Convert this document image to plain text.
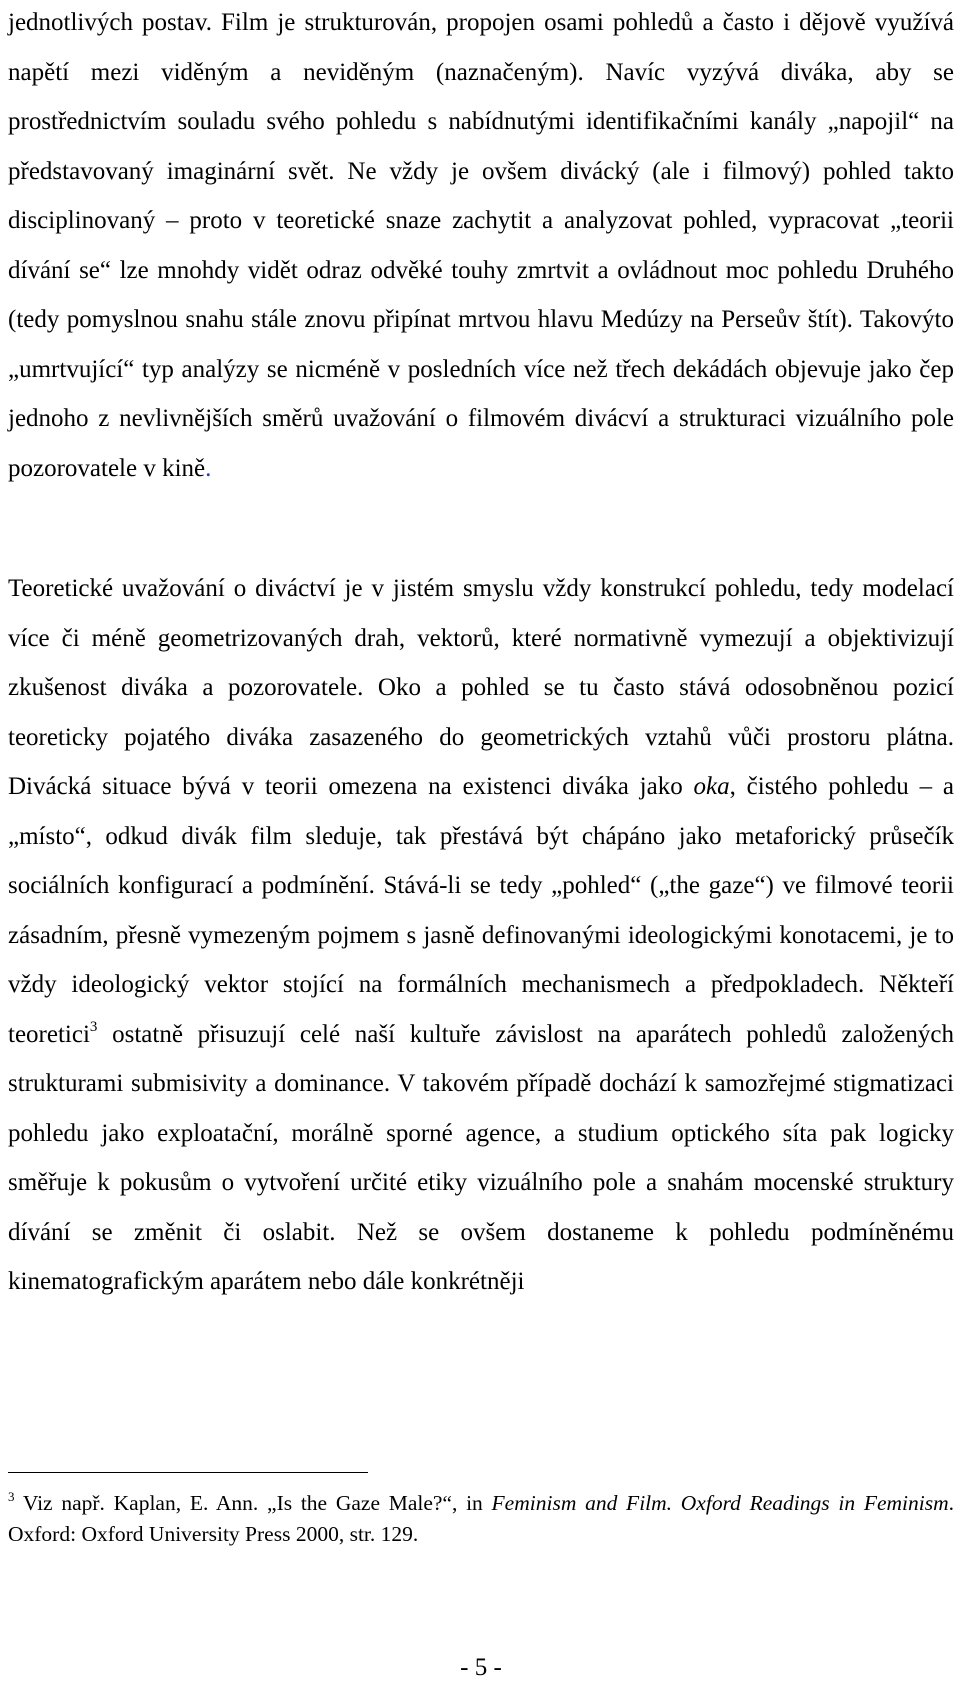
jednotlivých postav. Film je strukturován, propojen osami pohledů a často i dějově využívá napětí mezi viděným a neviděným (naznačeným). Navíc vyzývá diváka, aby se prostřednictvím souladu svého pohledu s nabídnutými identifikačními kanály „napojil“ na představovaný imaginární svět. Ne vždy je ovšem divácký (ale i filmový) pohled takto disciplinovaný – proto v teoretické snaze zachytit a analyzovat pohled, vypracovat „teorii dívání se“ lze mnohdy vidět odraz odvěké touhy zmrtvit a ovládnout moc pohledu Druhého (tedy pomyslnou snahu stále znovu připínat mrtvou hlavu Medúzy na Perseův štít). Takovýto „umrtvující“ typ analýzy se nicméně v posledních více než třech dekádách objevuje jako čep jednoho z nevlivnějších směrů uvažování o filmovém divácví a strukturaci vizuálního pole pozorovatele v kině.

Teoretické uvažování o diváctví je v jistém smyslu vždy konstrukcí pohledu, tedy modelací více či méně geometrizovaných drah, vektorů, které normativně vymezují a objektivizují zkušenost diváka a pozorovatele. Oko a pohled se tu často stává odosobněnou pozicí teoreticky pojatého diváka zasazeného do geometrických vztahů vůči prostoru plátna. Divácká situace bývá v teorii omezena na existenci diváka jako oka, čistého pohledu – a „místo“, odkud divák film sleduje, tak přestává být chápáno jako metaforický průsečík sociálních konfigurací a podmínění. Stává-li se tedy „pohled“ („the gaze“) ve filmové teorii zásadním, přesně vymezeným pojmem s jasně definovanými ideologickými konotacemi, je to vždy ideologický vektor stojící na formálních mechanismech a předpokladech. Někteří teoretici$^3$ ostatně přisuzují celé naší kultuře závislost na aparátech pohledů založených strukturami submisivity a dominance. V takovém případě dochází k samozřejmé stigmatizaci pohledu jako exploatační, morálně sporné agence, a studium optického síta pak logicky směřuje k pokusům o vytvoření určité etiky vizuálního pole a snahám mocenské struktury dívání se změnit či oslabit. Než se ovšem dostaneme k pohledu podmíněnému kinematografickým aparátem nebo dále konkrétněji

$^3$ Viz např. Kaplan, E. Ann. „Is the Gaze Male?“, in Feminism and Film. Oxford Readings in Feminism. Oxford: Oxford University Press 2000, str. 129.

- 5 -
